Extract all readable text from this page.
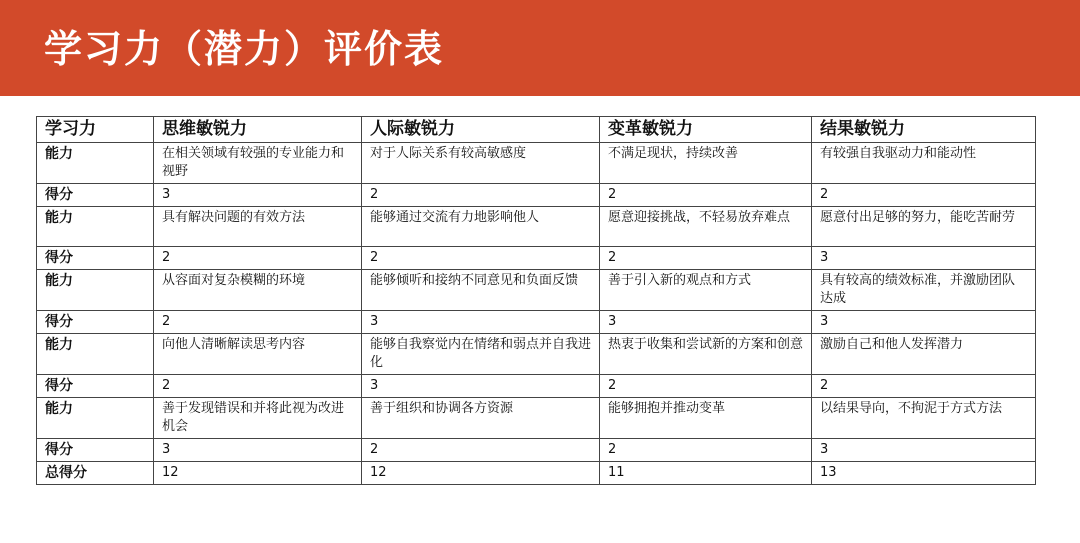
学习力（潜力）评价表
学习力	思维敏锐力	人际敏锐力	变革敏锐力	结果敏锐力
能力	在相关领域有较强的专业能力和视野	对于人际关系有较高敏感度	不满足现状，持续改善	有较强自我驱动力和能动性
得分	3	2	2	2
能力	具有解决问题的有效方法	能够通过交流有力地影响他人	愿意迎接挑战，不轻易放弃难点	愿意付出足够的努力，能吃苦耐劳
得分	2	2	2	3
能力	从容面对复杂模糊的环境	能够倾听和接纳不同意见和负面反馈	善于引入新的观点和方式	具有较高的绩效标准，并激励团队达成
得分	2	3	3	3
能力	向他人清晰解读思考内容	能够自我察觉内在情绪和弱点并自我进化	热衷于收集和尝试新的方案和创意	激励自己和他人发挥潜力
得分	2	3	2	2
能力	善于发现错误和并将此视为改进机会	善于组织和协调各方资源	能够拥抱并推动变革	以结果导向，不拘泥于方式方法
得分	3	2	2	3
总得分	12	12	11	13
